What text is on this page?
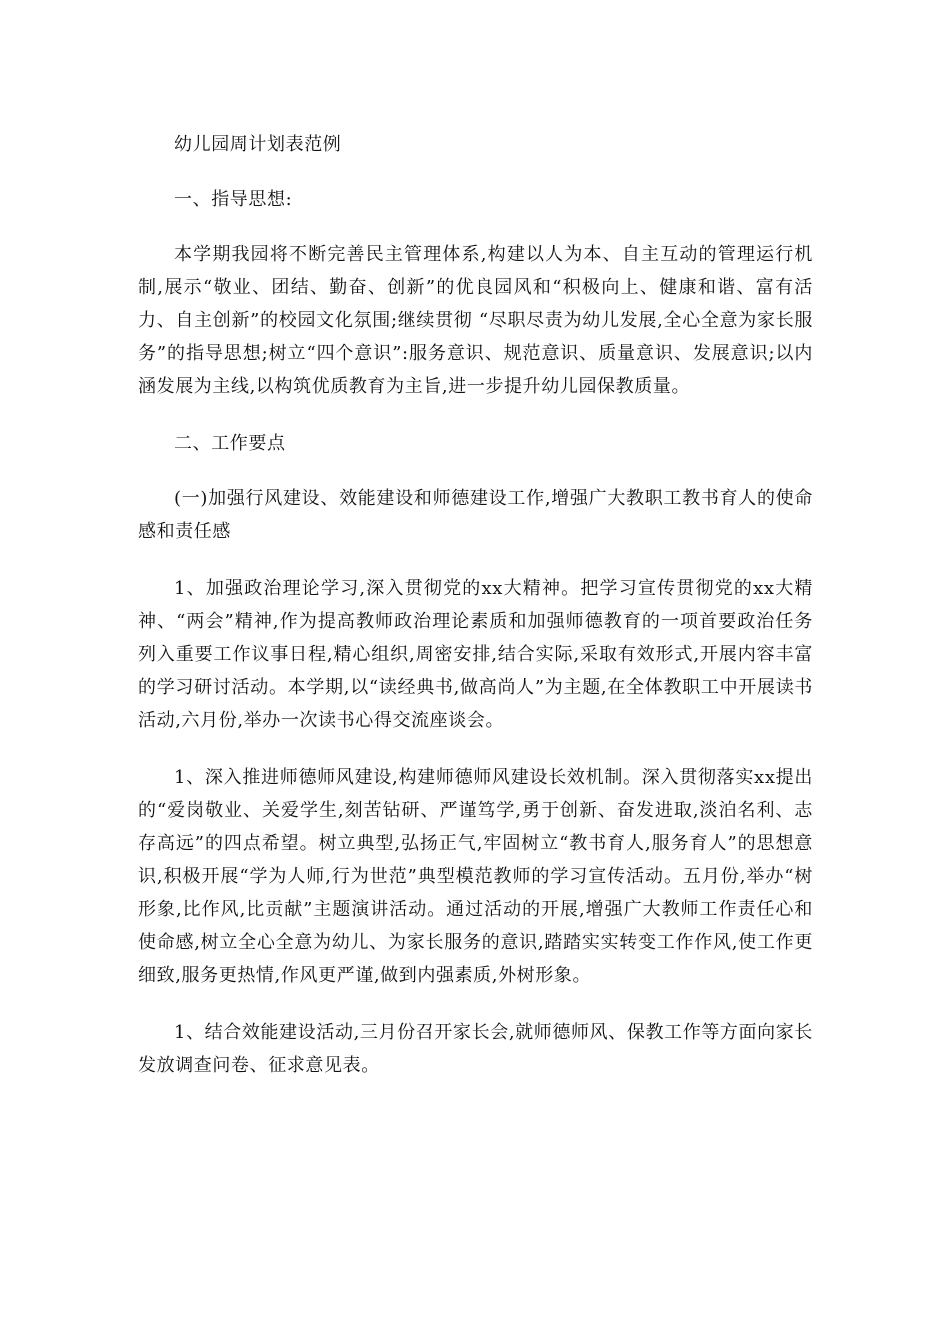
幼儿园周计划表范例

一、指导思想:

本学期我园将不断完善民主管理体系,构建以人为本、自主互动的管理运行机制,展示“敬业、团结、勤奋、创新”的优良园风和“积极向上、健康和谐、富有活力、自主创新”的校园文化氛围;继续贯彻 “尽职尽责为幼儿发展,全心全意为家长服务”的指导思想;树立“四个意识”:服务意识、规范意识、质量意识、发展意识;以内涵发展为主线,以构筑优质教育为主旨,进一步提升幼儿园保教质量。

二、工作要点

(一)加强行风建设、效能建设和师德建设工作,增强广大教职工教书育人的使命感和责任感

1、加强政治理论学习,深入贯彻党的xx大精神。把学习宣传贯彻党的xx大精神、“两会”精神,作为提高教师政治理论素质和加强师德教育的一项首要政治任务列入重要工作议事日程,精心组织,周密安排,结合实际,采取有效形式,开展内容丰富的学习研讨活动。本学期,以“读经典书,做高尚人”为主题,在全体教职工中开展读书活动,六月份,举办一次读书心得交流座谈会。

1、深入推进师德师风建设,构建师德师风建设长效机制。深入贯彻落实xx提出的“爱岗敬业、关爱学生,刻苦钻研、严谨笃学,勇于创新、奋发进取,淡泊名利、志存高远”的四点希望。树立典型,弘扬正气,牢固树立“教书育人,服务育人”的思想意识,积极开展“学为人师,行为世范”典型模范教师的学习宣传活动。五月份,举办“树形象,比作风,比贡献”主题演讲活动。通过活动的开展,增强广大教师工作责任心和使命感,树立全心全意为幼儿、为家长服务的意识,踏踏实实转变工作作风,使工作更细致,服务更热情,作风更严谨,做到内强素质,外树形象。

1、结合效能建设活动,三月份召开家长会,就师德师风、保教工作等方面向家长发放调查问卷、征求意见表。
